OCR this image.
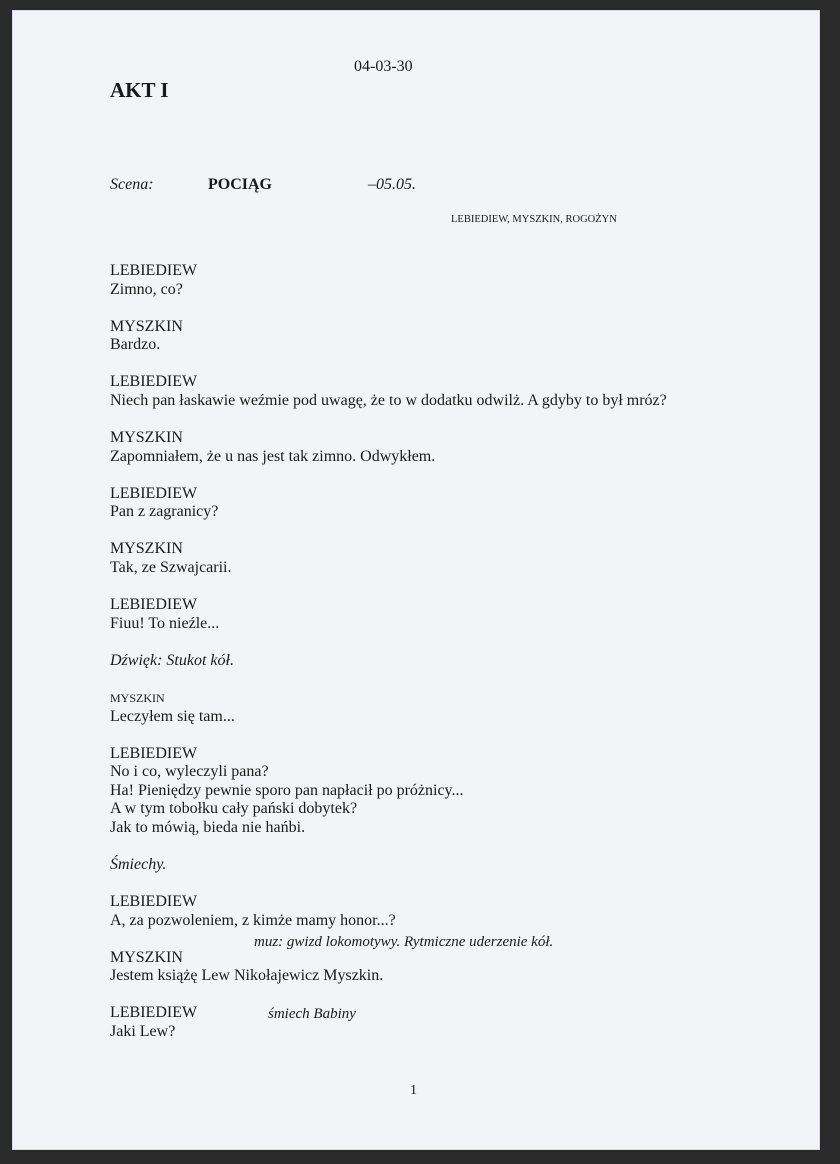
04-03-30
AKT I
Scena:	POCIĄG	–05.05.
LEBIEDIEW, MYSZKIN, ROGOŻYN

LEBIEDIEW

Zimno, co?

MYSZKIN

Bardzo.

LEBIEDIEW

Niech pan łaskawie weźmie pod uwagę, że to w dodatku odwilż. A gdyby to był mróz?

MYSZKIN

Zapomniałem, że u nas jest tak zimno. Odwykłem.

LEBIEDIEW

Pan z zagranicy?

MYSZKIN

Tak, ze Szwajcarii.

LEBIEDIEW

Fiuu! To nieźle...

Dźwięk: Stukot kół.

MYSZKIN

Leczyłem się tam...

LEBIEDIEW

No i co, wyleczyli pana?

Ha! Pieniędzy pewnie sporo pan napłacił po próżnicy...

A w tym tobołku cały pański dobytek?

Jak to mówią, bieda nie hańbi.

Śmiechy.

LEBIEDIEW

A, za pozwoleniem, z kimże mamy honor...?

MYSZKIN

Jestem książę Lew Nikołajewicz Myszkin.

LEBIEDIEW

Jaki Lew?

muz: gwizd lokomotywy. Rytmiczne uderzenie kół.
śmiech Babiny
1
